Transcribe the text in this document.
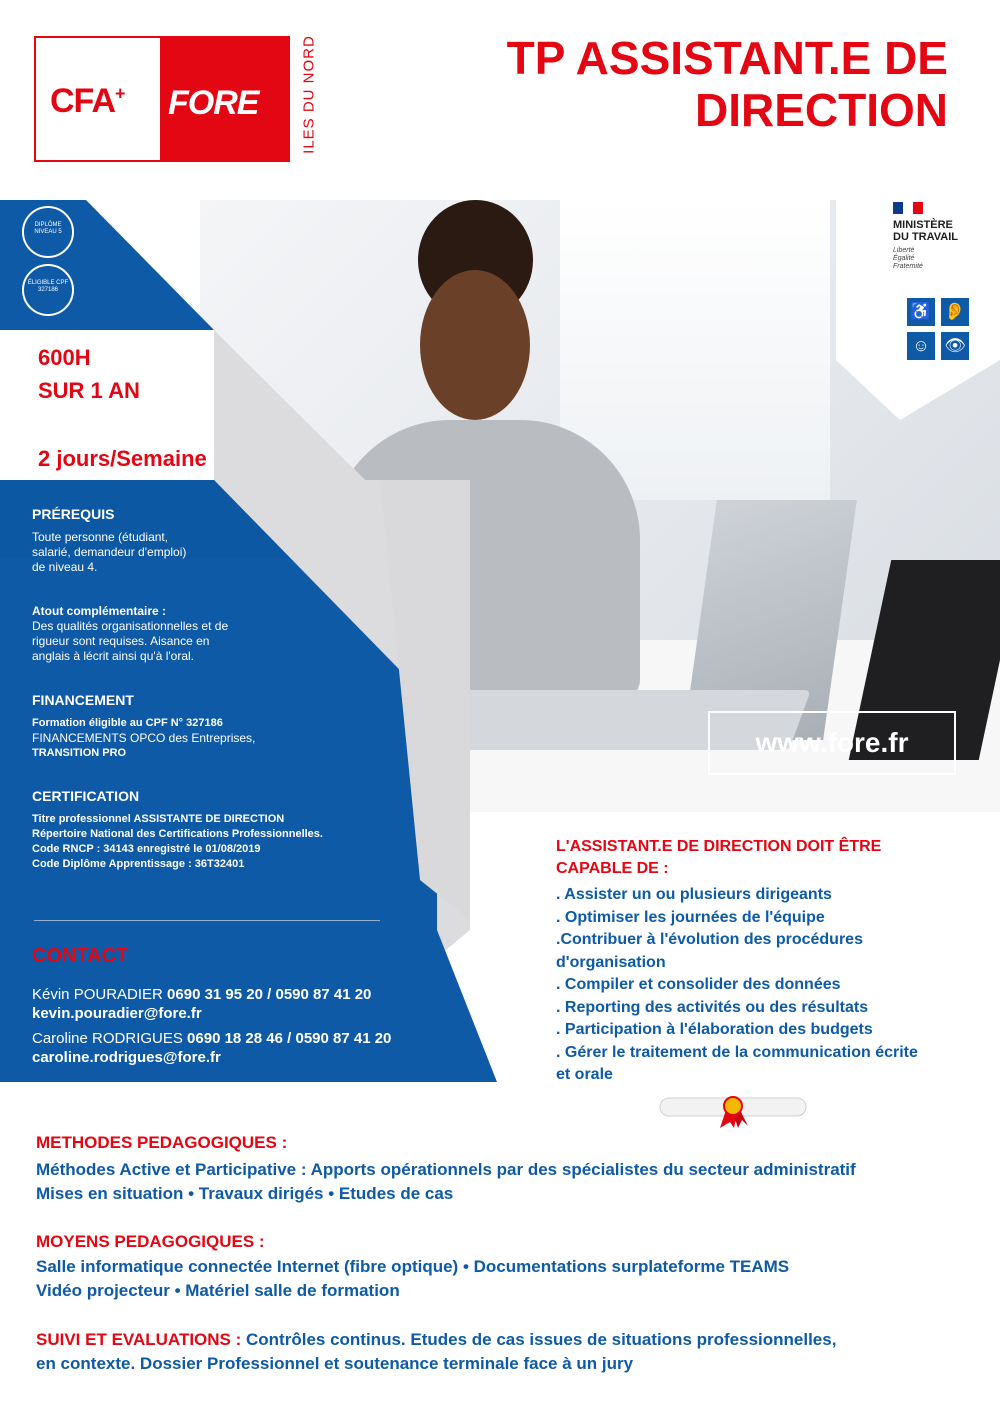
CFA+ FORE	ILES DU NORD	TP ASSISTANT.E DE
DIRECTION
DIPLÔME NIVEAU 5
ÉLIGIBLE CPF 327186
MINISTÈRE
DU TRAVAIL
Liberté
Égalité
Fraternité
♿ 👂
☺ 👁
600H
SUR 1 AN
2 jours/Semaine
PRÉREQUIS
Toute personne (étudiant,
salarié, demandeur d'emploi)
de niveau 4.
Atout complémentaire :
Des qualités organisationnelles et de
rigueur sont requises. Aisance en
anglais à lécrit ainsi qu'à l'oral.
FINANCEMENT
Formation éligible au CPF N° 327186
FINANCEMENTS OPCO des Entreprises,
TRANSITION PRO
CERTIFICATION
Titre professionnel ASSISTANTE DE DIRECTION
Répertoire National des Certifications Professionnelles.
Code RNCP : 34143 enregistré le 01/08/2019
Code Diplôme Apprentissage : 36T32401
CONTACT
Kévin POURADIER 0690 31 95 20 / 0590 87 41 20
kevin.pouradier@fore.fr
Caroline RODRIGUES 0690 18 28 46 / 0590 87 41 20
caroline.rodrigues@fore.fr
www.fore.fr
L'ASSISTANT.E DE DIRECTION DOIT ÊTRE
CAPABLE DE :
. Assister un ou plusieurs dirigeants
. Optimiser les journées de l'équipe
.Contribuer à l'évolution des procédures
d'organisation
. Compiler et consolider des données
. Reporting des activités ou des résultats
. Participation à l'élaboration des budgets
. Gérer le traitement de la communication écrite
et orale
METHODES PEDAGOGIQUES :
Méthodes Active et Participative : Apports opérationnels par des spécialistes du secteur administratif
Mises en situation • Travaux dirigés • Etudes de cas
MOYENS PEDAGOGIQUES :
Salle informatique connectée Internet (fibre optique) • Documentations surplateforme TEAMS
Vidéo projecteur • Matériel salle de formation
SUIVI ET EVALUATIONS : Contrôles continus. Etudes de cas issues de situations professionnelles,
en contexte. Dossier Professionnel et soutenance terminale face à un jury
